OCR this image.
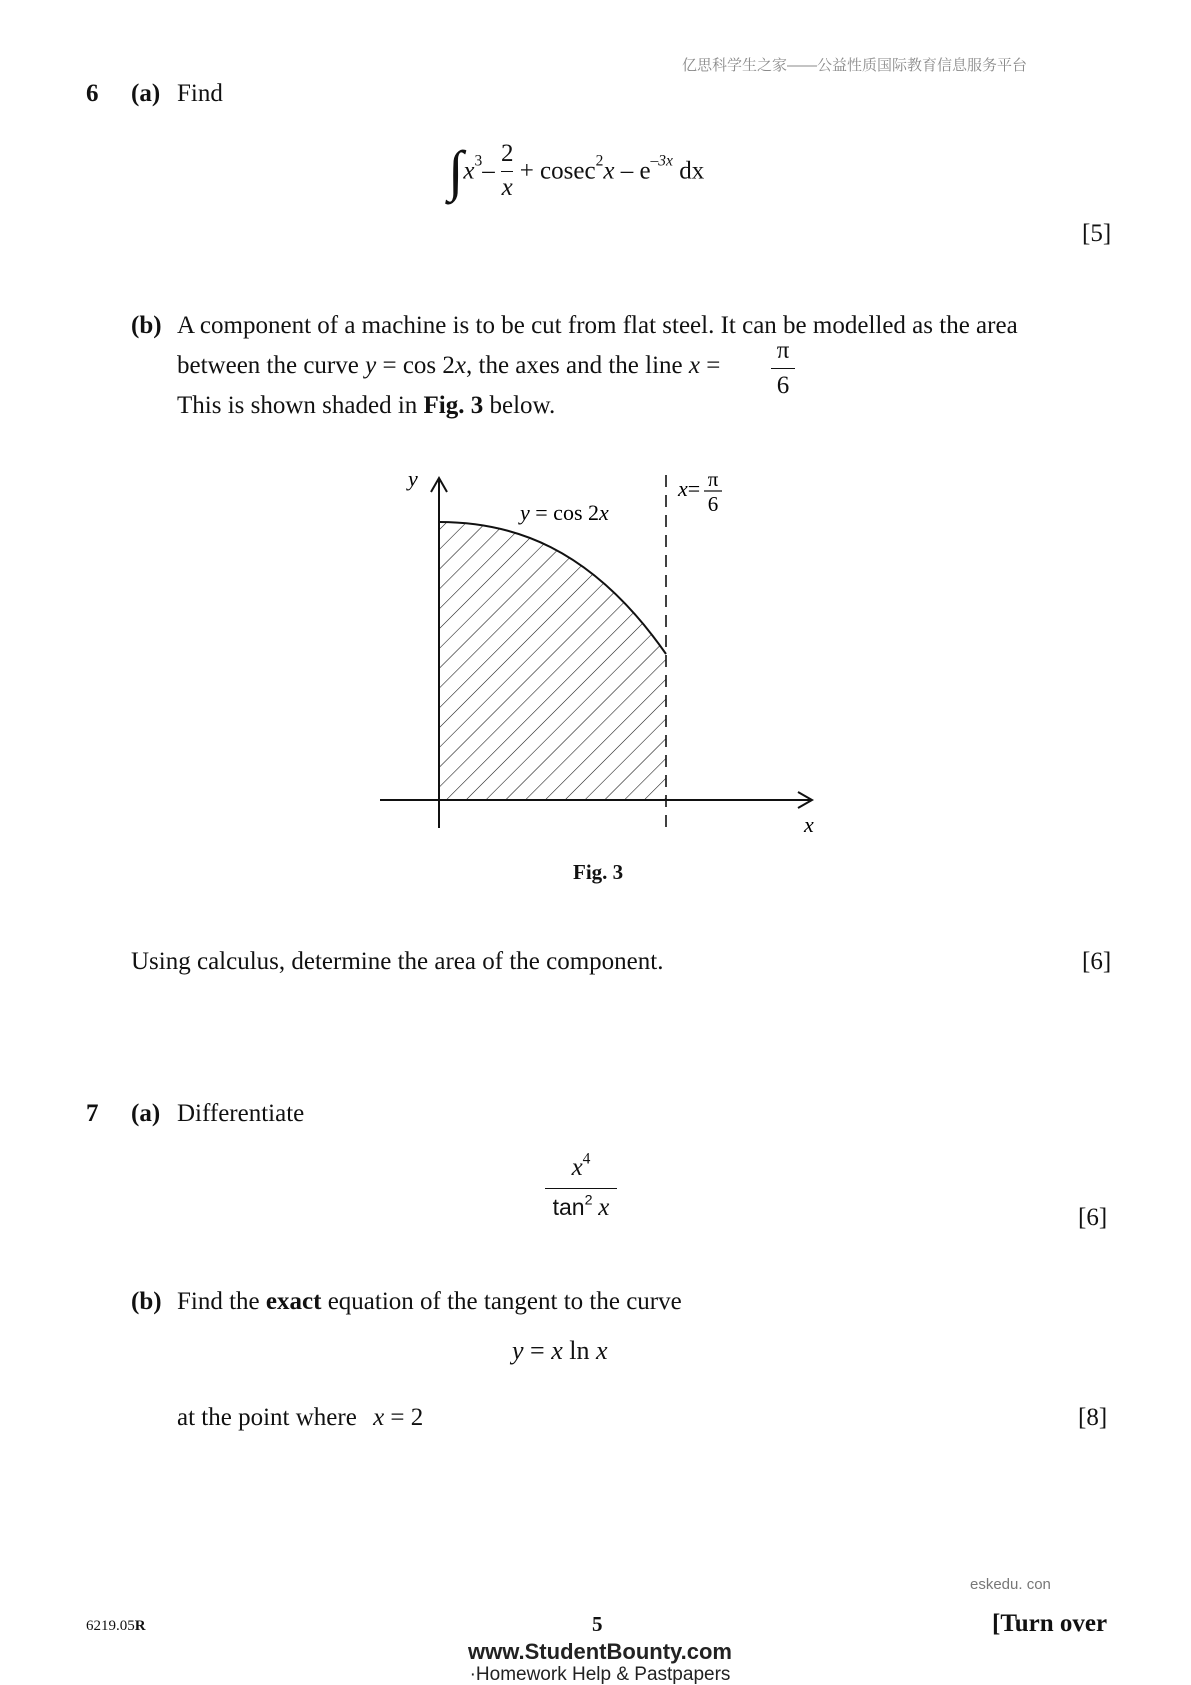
亿思科学生之家——公益性质国际教育信息服务平台
6 (a) Find
$\int x^3- \frac{2}{x} + cosec^2x - e^{-3x}$ dx
[5]
(b) A component of a machine is to be cut from flat steel. It can be modelled as the area
between the curve y = cos 2x, the axes and the line x =
π
6
This is shown shaded in Fig. 3 below.
y
x
y = cos 2x
x= π
6
Fig. 3
Using calculus, determine the area of the component.	[6]
7 (a) Differentiate
$x^4$
$\tan^2 x$	[6]
(b) Find the exact equation of the tangent to the curve
y = x ln x
at the point where x = 2	[8]
eskedu. con
6219.05R	5	[Turn over
www.StudentBounty.com
·Homework Help & Pastpapers
